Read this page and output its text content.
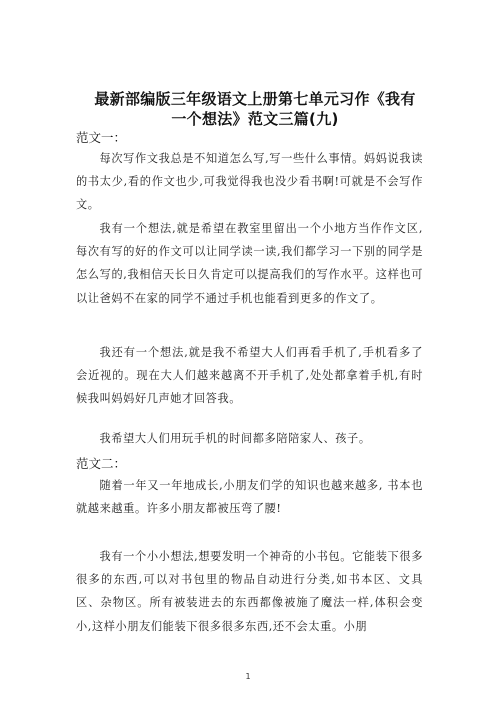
最新部编版三年级语文上册第七单元习作《我有
一个想法》范文三篇(九)
范文一：
每次写作文我总是不知道怎么写,写一些什么事情。妈妈说我读的书太少,看的作文也少,可我觉得我也没少看书啊!可就是不会写作文。
我有一个想法,就是希望在教室里留出一个小地方当作作文区,每次有写的好的作文可以让同学读一读,我们都学习一下别的同学是怎么写的,我相信天长日久肯定可以提高我们的写作水平。这样也可以让爸妈不在家的同学不通过手机也能看到更多的作文了。
我还有一个想法,就是我不希望大人们再看手机了,手机看多了会近视的。现在大人们越来越离不开手机了,处处都拿着手机,有时候我叫妈妈好几声她才回答我。
我希望大人们用玩手机的时间都多陪陪家人、孩子。
范文二：
随着一年又一年地成长,小朋友们学的知识也越来越多, 书本也就越来越重。许多小朋友都被压弯了腰!
我有一个小小想法,想要发明一个神奇的小书包。它能装下很多很多的东西,可以对书包里的物品自动进行分类,如书本区、文具区、杂物区。所有被装进去的东西都像被施了魔法一样,体积会变小,这样小朋友们能装下很多很多东西,还不会太重。小朋
1
